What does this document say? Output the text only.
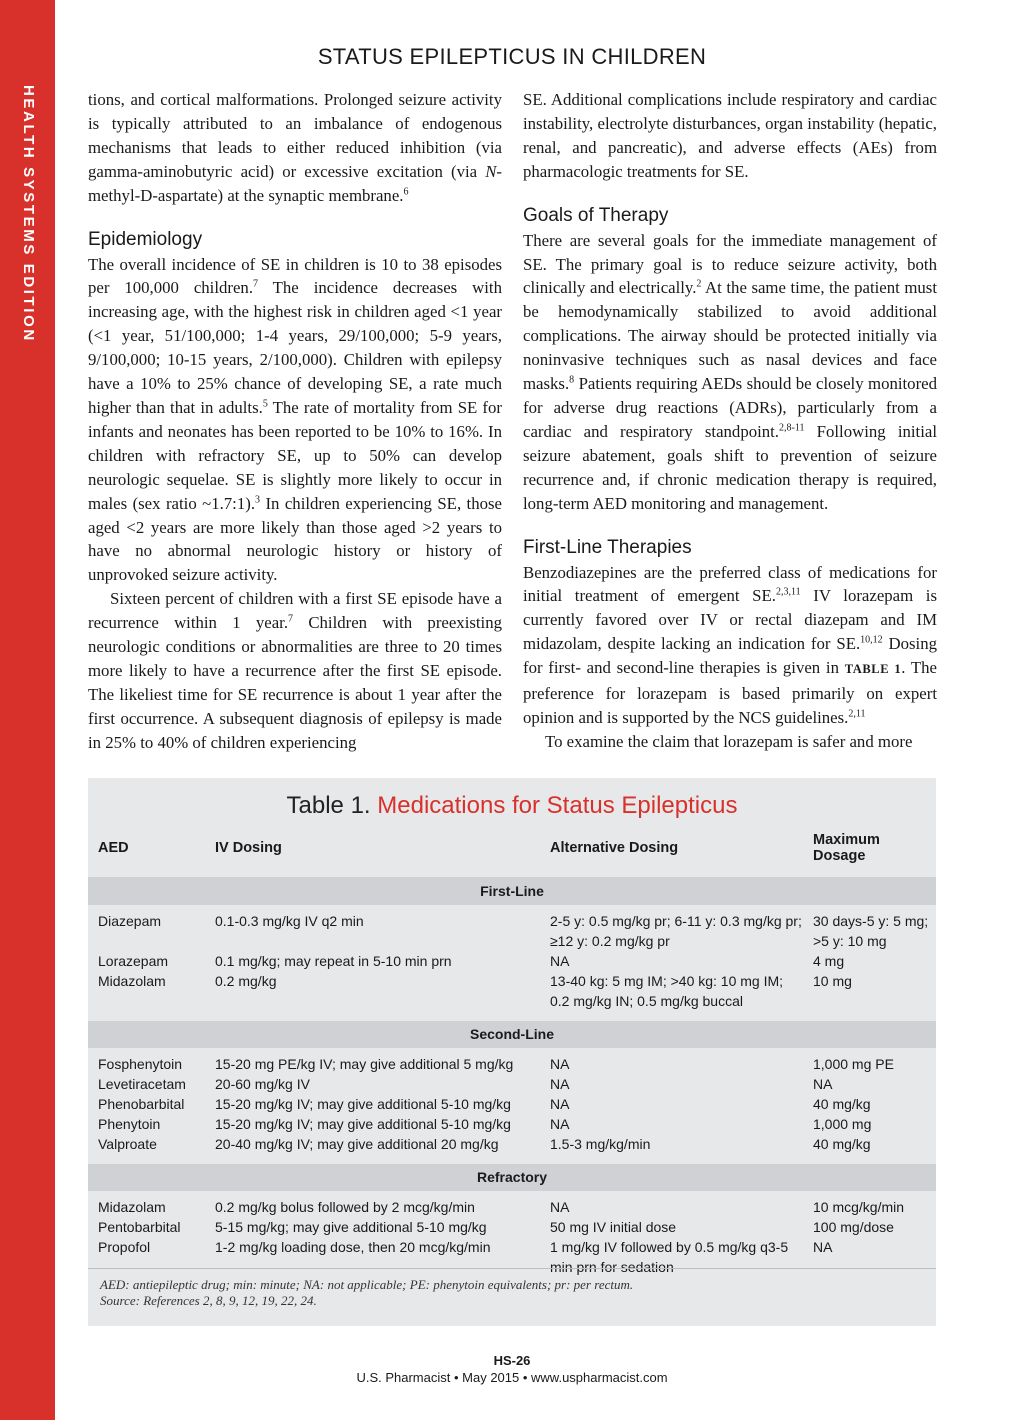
HEALTH SYSTEMS EDITION
STATUS EPILEPTICUS IN CHILDREN

tions, and cortical malformations. Prolonged seizure activity is typically attributed to an imbalance of endogenous mechanisms that leads to either reduced inhibition (via gamma-aminobutyric acid) or excessive excitation (via N-methyl-D-aspartate) at the synaptic membrane.$^6$

Epidemiology

The overall incidence of SE in children is 10 to 38 episodes per 100,000 children.$^7$ The incidence decreases with increasing age, with the highest risk in children aged <1 year (<1 year, 51/100,000; 1-4 years, 29/100,000; 5-9 years, 9/100,000; 10-15 years, 2/100,000). Children with epilepsy have a 10% to 25% chance of developing SE, a rate much higher than that in adults.$^5$ The rate of mortality from SE for infants and neonates has been reported to be 10% to 16%. In children with refractory SE, up to 50% can develop neurologic sequelae. SE is slightly more likely to occur in males (sex ratio ~1.7:1).$^3$ In children experiencing SE, those aged <2 years are more likely than those aged >2 years to have no abnormal neurologic history or history of unprovoked seizure activity.

Sixteen percent of children with a first SE episode have a recurrence within 1 year.$^7$ Children with preexisting neurologic conditions or abnormalities are three to 20 times more likely to have a recurrence after the first SE episode. The likeliest time for SE recurrence is about 1 year after the first occurrence. A subsequent diagnosis of epilepsy is made in 25% to 40% of children experiencing

SE. Additional complications include respiratory and cardiac instability, electrolyte disturbances, organ instability (hepatic, renal, and pancreatic), and adverse effects (AEs) from pharmacologic treatments for SE.

Goals of Therapy

There are several goals for the immediate management of SE. The primary goal is to reduce seizure activity, both clinically and electrically.$^2$ At the same time, the patient must be hemodynamically stabilized to avoid additional complications. The airway should be protected initially via noninvasive techniques such as nasal devices and face masks.$^8$ Patients requiring AEDs should be closely monitored for adverse drug reactions (ADRs), particularly from a cardiac and respiratory standpoint.$^{2,8-11}$ Following initial seizure abatement, goals shift to prevention of seizure recurrence and, if chronic medication therapy is required, long-term AED monitoring and management.

First-Line Therapies

Benzodiazepines are the preferred class of medications for initial treatment of emergent SE.$^{2,3,11}$ IV lorazepam is currently favored over IV or rectal diazepam and IM midazolam, despite lacking an indication for SE.$^{10,12}$ Dosing for first- and second-line therapies is given in TABLE 1. The preference for lorazepam is based primarily on expert opinion and is supported by the NCS guidelines.$^{2,11}$

To examine the claim that lorazepam is safer and more

Table 1. Medications for Status Epilepticus
AED	IV Dosing	Alternative Dosing	Maximum Dosage
First-Line			

Diazepam	0.1-0.3 mg/kg IV q2 min	2-5 y: 0.5 mg/kg pr; 6-11 y: 0.3 mg/kg pr; ≥12 y: 0.2 mg/kg pr	30 days-5 y: 5 mg; >5 y: 10 mg
Lorazepam	0.1 mg/kg; may repeat in 5-10 min prn	NA	4 mg
Midazolam	0.2 mg/kg	13-40 kg: 5 mg IM; >40 kg: 10 mg IM; 0.2 mg/kg IN; 0.5 mg/kg buccal	10 mg

Second-Line			

Fosphenytoin	15-20 mg PE/kg IV; may give additional 5 mg/kg	NA	1,000 mg PE
Levetiracetam	20-60 mg/kg IV	NA	NA
Phenobarbital	15-20 mg/kg IV; may give additional 5-10 mg/kg	NA	40 mg/kg
Phenytoin	15-20 mg/kg IV; may give additional 5-10 mg/kg	NA	1,000 mg
Valproate	20-40 mg/kg IV; may give additional 20 mg/kg	1.5-3 mg/kg/min	40 mg/kg

Refractory			

Midazolam	0.2 mg/kg bolus followed by 2 mcg/kg/min	NA	10 mcg/kg/min
Pentobarbital	5-15 mg/kg; may give additional 5-10 mg/kg	50 mg IV initial dose	100 mg/dose
Propofol	1-2 mg/kg loading dose, then 20 mcg/kg/min	1 mg/kg IV followed by 0.5 mg/kg q3-5 min prn for sedation	NA
AED: antiepileptic drug; min: minute; NA: not applicable; PE: phenytoin equivalents; pr: per rectum.
Source: References 2, 8, 9, 12, 19, 22, 24.
HS-26
U.S. Pharmacist • May 2015 • www.uspharmacist.com
